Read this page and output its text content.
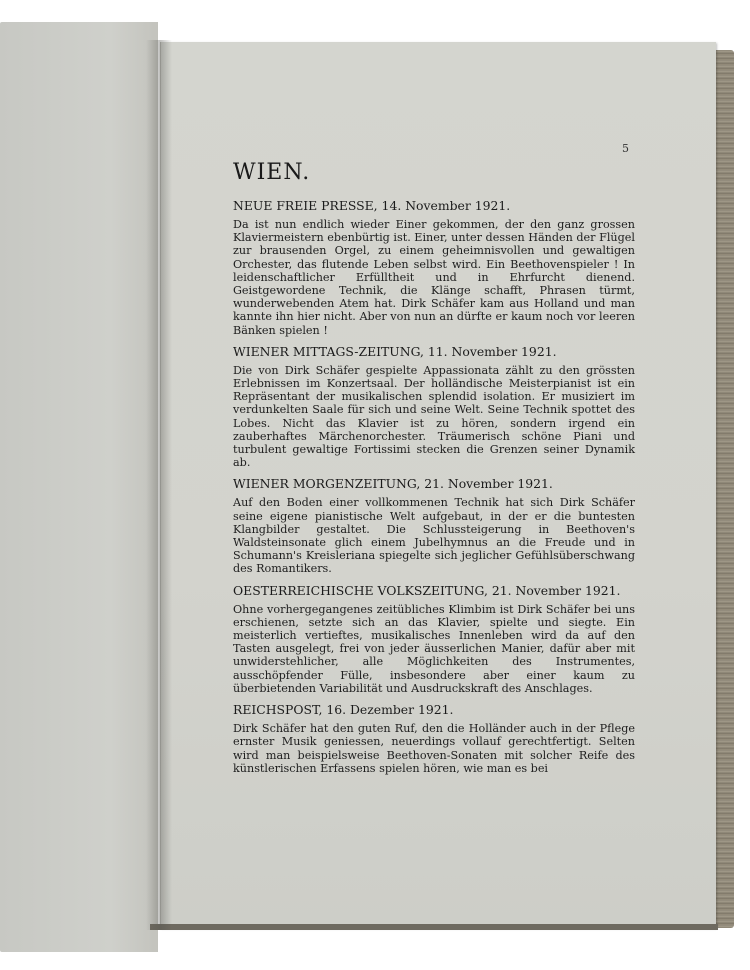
5
WIEN.
NEUE FREIE PRESSE, 14. November 1921.

Da ist nun endlich wieder Einer gekommen, der den ganz grossen Klaviermeistern ebenbürtig ist. Einer, unter dessen Händen der Flügel zur brausenden Orgel, zu einem geheimnisvollen und gewaltigen Orchester, das flutende Leben selbst wird. Ein Beethovenspieler ! In leidenschaftlicher Erfülltheit und in Ehrfurcht dienend. Geistgewordene Technik, die Klänge schafft, Phrasen türmt, wunderwebenden Atem hat. Dirk Schäfer kam aus Holland und man kannte ihn hier nicht. Aber von nun an dürfte er kaum noch vor leeren Bänken spielen !

WIENER MITTAGS-ZEITUNG, 11. November 1921.

Die von Dirk Schäfer gespielte Appassionata zählt zu den grössten Erlebnissen im Konzertsaal. Der holländische Meisterpianist ist ein Repräsentant der musikalischen splendid isolation. Er musiziert im verdunkelten Saale für sich und seine Welt. Seine Technik spottet des Lobes. Nicht das Klavier ist zu hören, sondern irgend ein zauberhaftes Märchenorchester. Träumerisch schöne Piani und turbulent gewaltige Fortissimi stecken die Grenzen seiner Dynamik ab.

WIENER MORGENZEITUNG, 21. November 1921.

Auf den Boden einer vollkommenen Technik hat sich Dirk Schäfer seine eigene pianistische Welt aufgebaut, in der er die buntesten Klangbilder gestaltet. Die Schlussteigerung in Beethoven's Waldsteinsonate glich einem Jubelhymnus an die Freude und in Schumann's Kreisleriana spiegelte sich jeglicher Gefühlsüberschwang des Romantikers.

OESTERREICHISCHE VOLKSZEITUNG, 21. November 1921.

Ohne vorhergegangenes zeitübliches Klimbim ist Dirk Schäfer bei uns erschienen, setzte sich an das Klavier, spielte und siegte. Ein meisterlich vertieftes, musikalisches Innenleben wird da auf den Tasten ausgelegt, frei von jeder äusserlichen Manier, dafür aber mit unwiderstehlicher, alle Möglichkeiten des Instrumentes, ausschöpfender Fülle, insbesondere aber einer kaum zu überbietenden Variabilität und Ausdruckskraft des Anschlages.

REICHSPOST, 16. Dezember 1921.

Dirk Schäfer hat den guten Ruf, den die Holländer auch in der Pflege ernster Musik geniessen, neuerdings vollauf gerechtfertigt. Selten wird man beispielsweise Beethoven-Sonaten mit solcher Reife des künstlerischen Erfassens spielen hören, wie man es bei
